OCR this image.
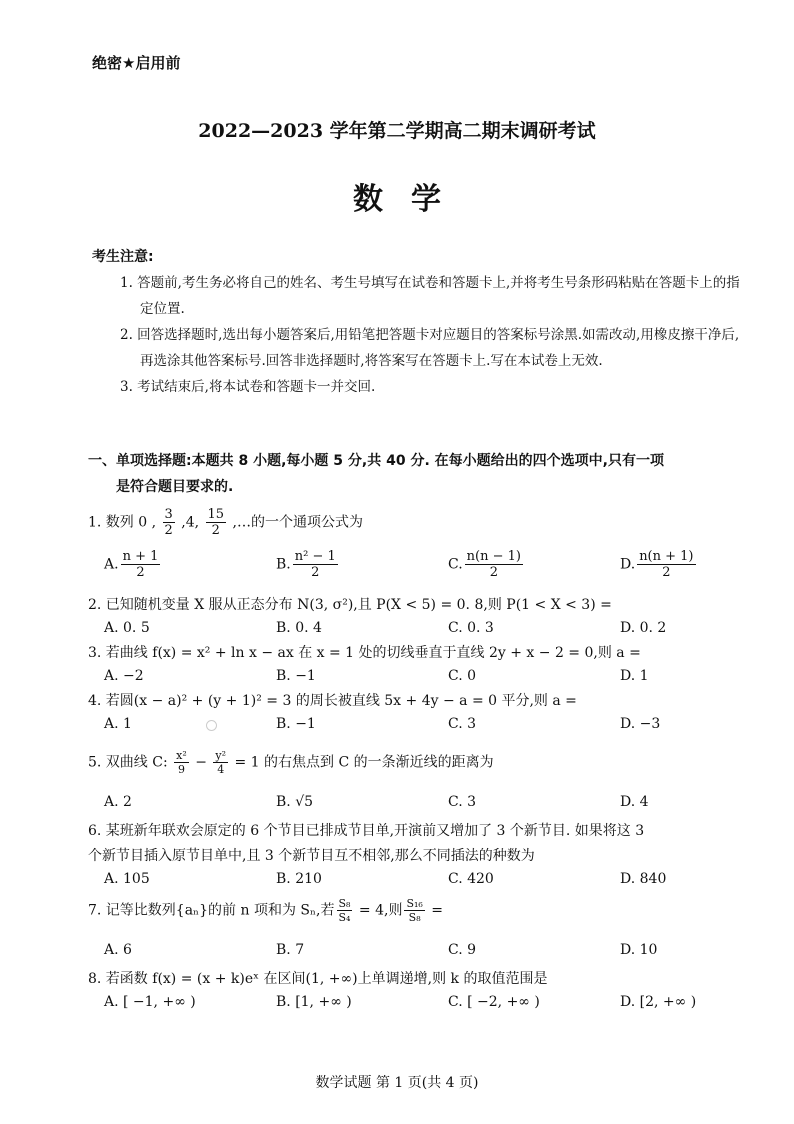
绝密★启用前
2022—2023 学年第二学期高二期末调研考试
数学
考生注意:
1. 答题前,考生务必将自己的姓名、考生号填写在试卷和答题卡上,并将考生号条形码粘贴在答题卡上的指定位置.
2. 回答选择题时,选出每小题答案后,用铅笔把答题卡对应题目的答案标号涂黑.如需改动,用橡皮擦干净后,再选涂其他答案标号.回答非选择题时,将答案写在答题卡上.写在本试卷上无效.
3. 考试结束后,将本试卷和答题卡一并交回.
一、单项选择题:本题共 8 小题,每小题 5 分,共 40 分. 在每小题给出的四个选项中,只有一项
是符合题目要求的.
1. 数列 0 , $\frac{3}{2} ,4$, $\frac{15}{2}$ ,…的一个通项公式为
A. $\frac{n + 1}{2}$	B. $\frac{\text{n² − 1}}{2}$	C. $\frac{n(n - 1)}{2}$	D. $\frac{n(n + 1)}{2}$
2. 已知随机变量 X 服从正态分布 N(3, σ²),且 P(X < 5) = 0. 8,则 P(1 < X < 3) =
A. 0. 5	B. 0. 4	C. 0. 3	D. 0. 2
3. 若曲线 f(x) = x² + ln x − ax 在 x = 1 处的切线垂直于直线 2y + x − 2 = 0,则 a =
A. −2	B. −1	C. 0	D. 1
4. 若圆(x − a)² + (y + 1)² = 3 的周长被直线 5x + 4y − a = 0 平分,则 a =
A. 1	B. −1	C. 3	D. −3
5. 双曲线 C: $\frac{\text{x²}}{9} - \frac{\text{y²}}{4} = 1$ 的右焦点到 C 的一条渐近线的距离为
A. 2	B. √5	C. 3	D. 4
6. 某班新年联欢会原定的 6 个节目已排成节目单,开演前又增加了 3 个新节目. 如果将这 3
个新节目插入原节目单中,且 3 个新节目互不相邻,那么不同插法的种数为
A. 105	B. 210	C. 420	D. 840
7. 记等比数列{aₙ}的前 n 项和为 Sₙ,若 $\frac{\text{S₈}}{\text{S₄}} = 4$,则 $\frac{\text{S₁₆}}{\text{S₈}}$ =
A. 6	B. 7	C. 9	D. 10
8. 若函数 f(x) = (x + k)eˣ 在区间(1, +∞)上单调递增,则 k 的取值范围是
A. [ −1, +∞ )	B. [1, +∞ )	C. [ −2, +∞ )	D. [2, +∞ )
数学试题 第 1 页(共 4 页)
